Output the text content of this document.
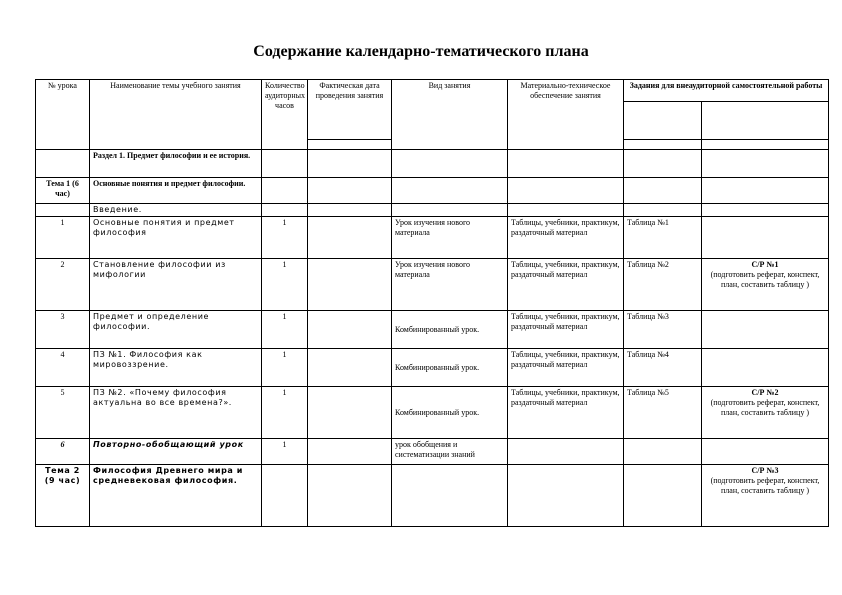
Содержание календарно-тематического плана
№ урока	Наименование темы учебного занятия	Количество аудиторных часов	Фактическая дата проведения занятия	Вид занятия	Материально-техническое обеспечение занятия	Задания для внеаудиторной самостоятельной работы	

	Раздел 1. Предмет философии и ее история.						
Тема 1 (6 час)	Основные понятия и предмет философии.						
	Введение.						
1	Основные понятия и предмет философия	1		Урок изучения нового материала	Таблицы, учебники, практикум, раздаточный материал	Таблица №1	
2	Становление философии из мифологии	1		Урок изучения нового материала	Таблицы, учебники, практикум, раздаточный материал	Таблица №2	С/Р №1
(подготовить реферат, конспект, план, составить таблицу )

3	Предмет и определение философии.	1		Комбинированный урок.	Таблицы, учебники, практикум, раздаточный материал	Таблица №3	
4	ПЗ №1. Философия как мировоззрение.	1		Комбинированный урок.	Таблицы, учебники, практикум, раздаточный материал	Таблица №4	
5	ПЗ №2. «Почему философия актуальна во все времена?».	1		Комбинированный урок.	Таблицы, учебники, практикум, раздаточный материал	Таблица №5	С/Р №2
(подготовить реферат, конспект, план, составить таблицу )

6	Повторно-обобщающий урок	1		урок обобщения и систематизации знаний			
Тема 2 (9 час)	Философия Древнего мира и средневековая философия.						С/Р №3
(подготовить реферат, конспект, план, составить таблицу )
